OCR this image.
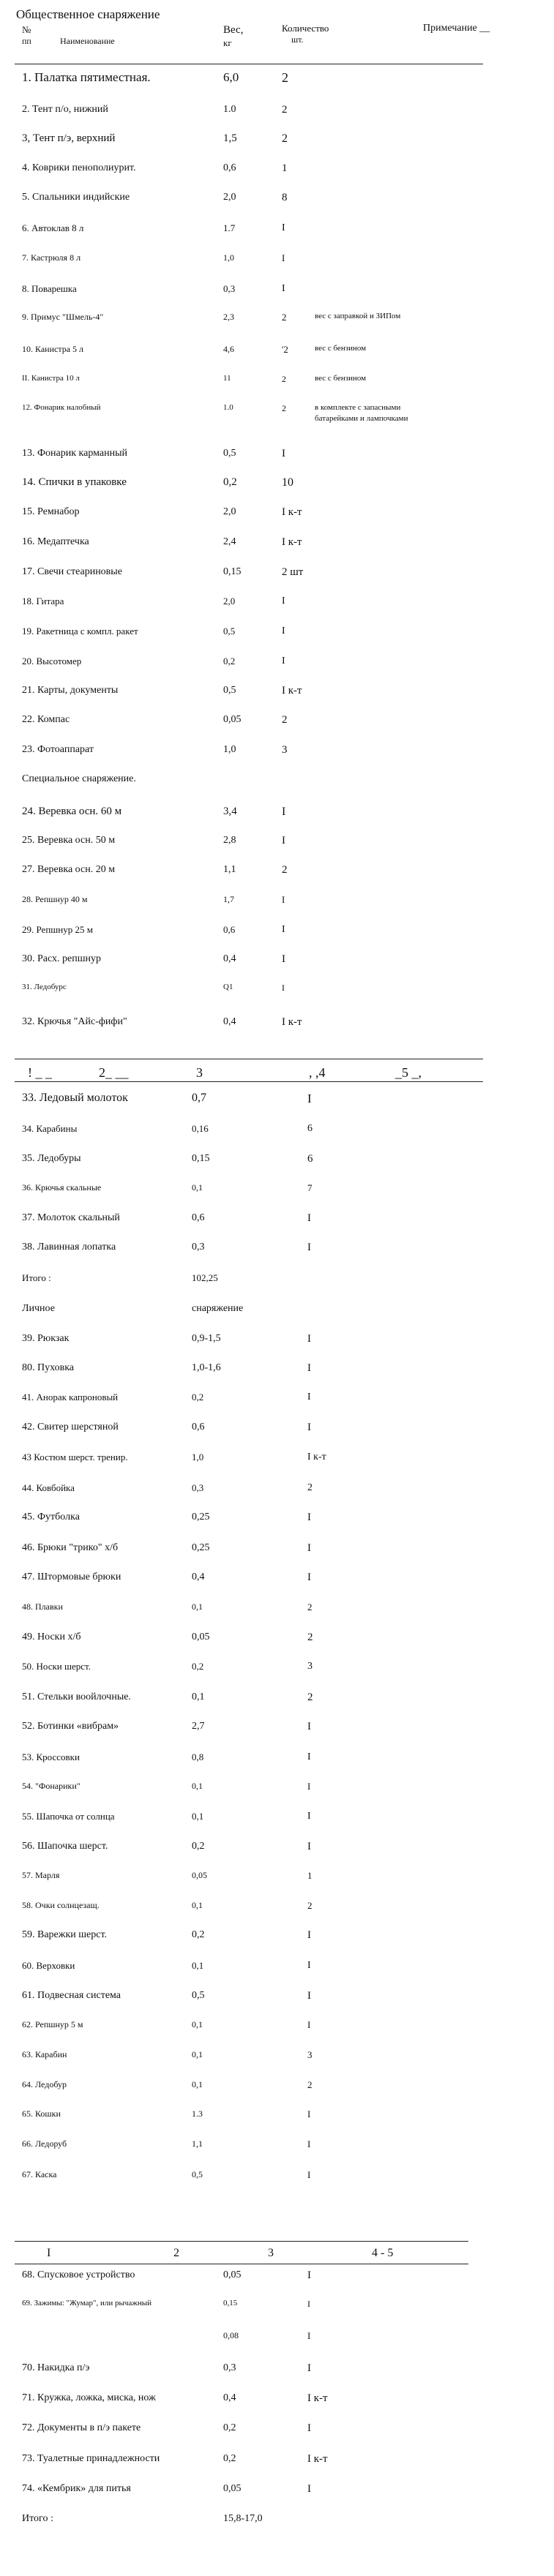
Общественное снаряжение
№
пп	Наименование
Вес,
кг
Количество
шт.
Примечание __
1. Палатка пятиместная.	6,0	2
2. Тент п/о, нижний	1.0	2
3, Тент п/э, верхний	1,5	2
4. Коврики пенополиурит.	0,6	1
5. Спальники индийские	2,0	8
6. Автоклав 8 л	1.7	I
7. Кастрюля 8 л	1,0	I
8. Поварешка	0,3	I
9. Примус "Шмель-4"	2,3	2	вес с заправкой и ЗИПом
10. Канистра 5 л	4,6	'2	вес с бензином
II. Канистра 10 л	11	2	вес с бензином
12. Фонарик налобный	1.0	2	в комплекте с запасными
батарейками и лампочками
13. Фонарик карманный	0,5	I
14. Спички в упаковке	0,2	10
15. Ремнабор	2,0	I к-т
16. Медаптечка	2,4	I к-т
17. Свечи стеариновые	0,15	2 шт
18. Гитара	2,0	I
19. Ракетница с компл. ракет	0,5	I
20. Высотомер	0,2	I
21. Карты, документы	0,5	I к-т
22. Компас	0,05	2
23. Фотоаппарат	1,0	3
Специальное снаряжение.
24. Веревка осн. 60 м	3,4	I
25. Веревка осн. 50 м	2,8	I
27. Веревка осн. 20 м	1,1	2
28. Репшнур 40 м	1,7	I
29. Репшнур 25 м	0,6	I
30. Расх. репшнур	0,4	I
31. Ледобурс	Q1	I
32. Крючья "Айс-фифи"	0,4	I к-т
! _ _	2_ __	3	, ,4	_5 _,
33. Ледовый молоток	0,7	I
34. Карабины	0,16	6
35. Ледобуры	0,15	6
36. Крючья скальные	0,1	7
37. Молоток скальный	0,6	I
38. Лавинная лопатка	0,3	I
Итого :	102,25
Личное	снаряжение
39. Рюкзак	0,9-1,5	I
80. Пуховка	1,0-1,6	I
41. Анорак капроновый	0,2	I
42. Свитер шерстяной	0,6	I
43 Костюм шерст. тренир.	1,0	I к-т
44. Ковбойка	0,3	2
45. Футболка	0,25	I
46. Брюки "трико" х/б	0,25	I
47. Штормовые брюки	0,4	I
48. Плавки	0,1	2
49. Носки х/б	0,05	2
50. Носки шерст.	0,2	3
51. Стельки воойлочные.	0,1	2
52. Ботинки «вибрам»	2,7	I
53. Кроссовки	0,8	I
54. "Фонарики"	0,1	I
55. Шапочка от солнца	0,1	I
56. Шапочка шерст.	0,2	I
57. Марля	0,05	1
58. Очки солнцезащ.	0,1	2
59. Варежки шерст.	0,2	I
60. Верховки	0,1	I
61. Подвесная система	0,5	I
62. Репшнур 5 м	0,1	I
63. Карабин	0,1	3
64. Ледобур	0,1	2
65. Кошки	1.3	I
66. Ледоруб	1,1	I
67. Каска	0,5	I
I	2	3	4 - 5
68. Спусковое устройство	0,05	I
69. Зажимы: "Жумар", или рычажный	0,15	I
0,08	I
70. Накидка п/э	0,3	I
71. Кружка, ложка, миска, нож	0,4	I к-т
72. Документы в п/э пакете	0,2	I
73. Туалетные принадлежности	0,2	I к-т
74. «Кембрик» для питья	0,05	I
Итого :	15,8-17,0
